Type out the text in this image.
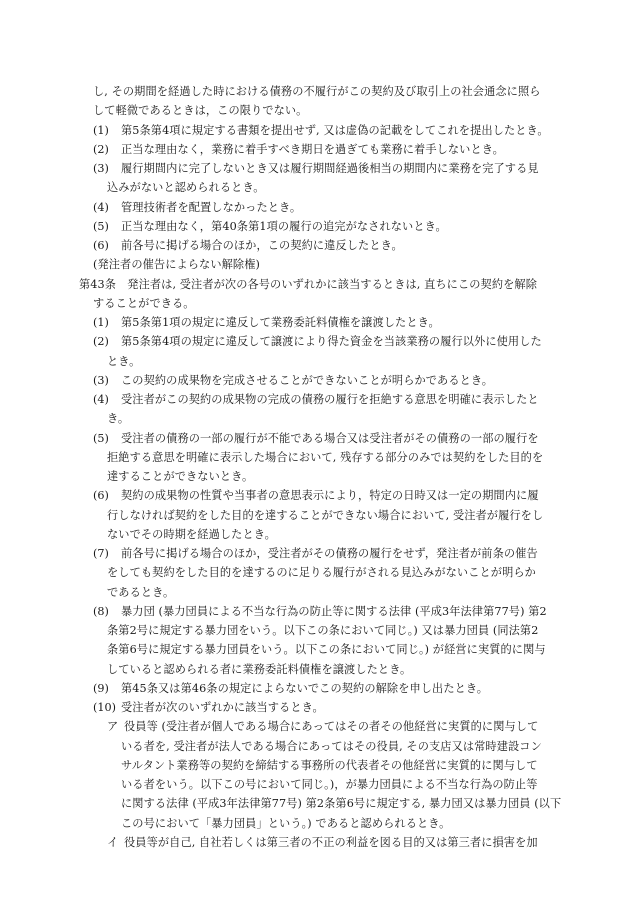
し, その期間を経過した時における債務の不履行がこの契約及び取引上の社会通念に照ら
して軽微であるときは，この限りでない。
(1) 第5条第4項に規定する書類を提出せず, 又は虚偽の記載をしてこれを提出したとき。
(2) 正当な理由なく，業務に着手すべき期日を過ぎても業務に着手しないとき。
(3) 履行期間内に完了しないとき又は履行期間経過後相当の期間内に業務を完了する見
込みがないと認められるとき。
(4) 管理技術者を配置しなかったとき。
(5) 正当な理由なく，第40条第1項の履行の追完がなされないとき。
(6) 前各号に掲げる場合のほか，この契約に違反したとき。
(発注者の催告によらない解除権)
第43条　発注者は, 受注者が次の各号のいずれかに該当するときは, 直ちにこの契約を解除
することができる。
(1) 第5条第1項の規定に違反して業務委託料債権を譲渡したとき。
(2) 第5条第4項の規定に違反して譲渡により得た資金を当該業務の履行以外に使用した
とき。
(3) この契約の成果物を完成させることができないことが明らかであるとき。
(4) 受注者がこの契約の成果物の完成の債務の履行を拒絶する意思を明確に表示したと
き。
(5) 受注者の債務の一部の履行が不能である場合又は受注者がその債務の一部の履行を
拒絶する意思を明確に表示した場合において, 残存する部分のみでは契約をした目的を
達することができないとき。
(6) 契約の成果物の性質や当事者の意思表示により，特定の日時又は一定の期間内に履
行しなければ契約をした目的を達することができない場合において, 受注者が履行をし
ないでその時期を経過したとき。
(7) 前各号に掲げる場合のほか，受注者がその債務の履行をせず，発注者が前条の催告
をしても契約をした目的を達するのに足りる履行がされる見込みがないことが明らか
であるとき。
(8) 暴力団 (暴力団員による不当な行為の防止等に関する法律 (平成3年法律第77号) 第2
条第2号に規定する暴力団をいう。以下この条において同じ。) 又は暴力団員 (同法第2
条第6号に規定する暴力団員をいう。以下この条において同じ。) が経営に実質的に関与
していると認められる者に業務委託料債権を譲渡したとき。
(9) 第45条又は第46条の規定によらないでこの契約の解除を申し出たとき。
(10) 受注者が次のいずれかに該当するとき。
ア 役員等 (受注者が個人である場合にあってはその者その他経営に実質的に関与して
いる者を, 受注者が法人である場合にあってはその役員, その支店又は常時建設コン
サルタント業務等の契約を締結する事務所の代表者その他経営に実質的に関与して
いる者をいう。以下この号において同じ。)，が暴力団員による不当な行為の防止等
に関する法律 (平成3年法律第77号) 第2条第6号に規定する, 暴力団又は暴力団員 (以下
この号において「暴力団員」という。) であると認められるとき。
イ 役員等が自己, 自社若しくは第三者の不正の利益を図る目的又は第三者に損害を加
